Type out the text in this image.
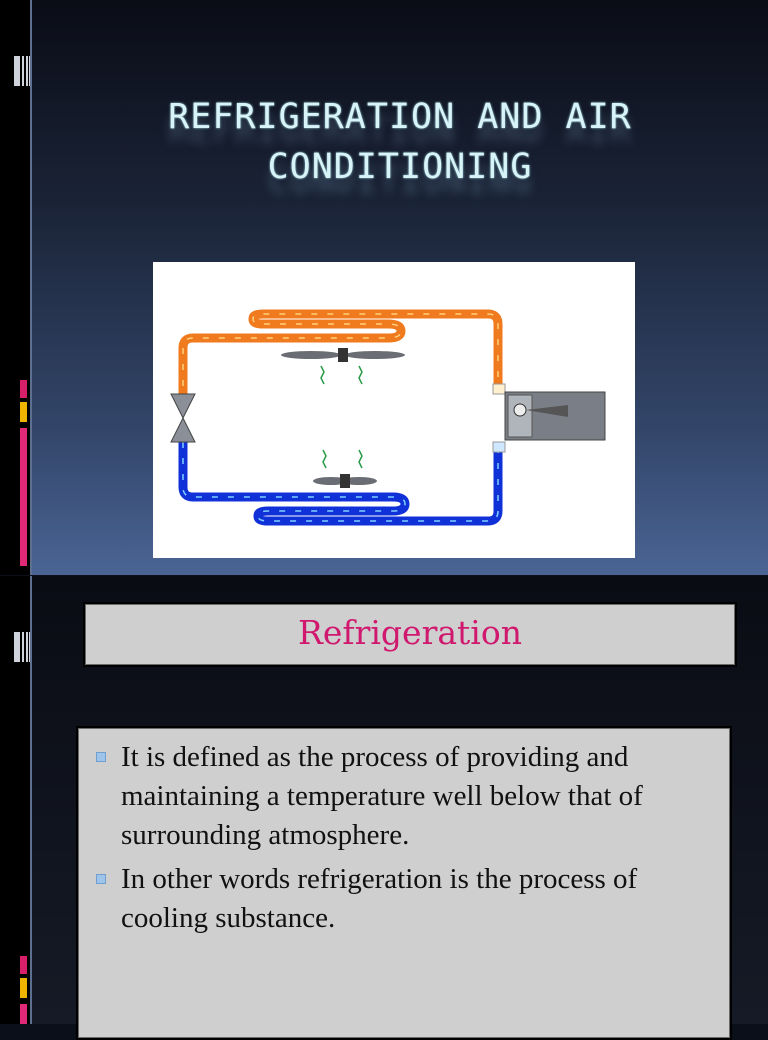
REFRIGERATION AND AIR
CONDITIONING
Refrigeration
It is defined as the process of providing and maintaining a temperature well below that of surrounding atmosphere.
In other words refrigeration is the process of cooling substance.
